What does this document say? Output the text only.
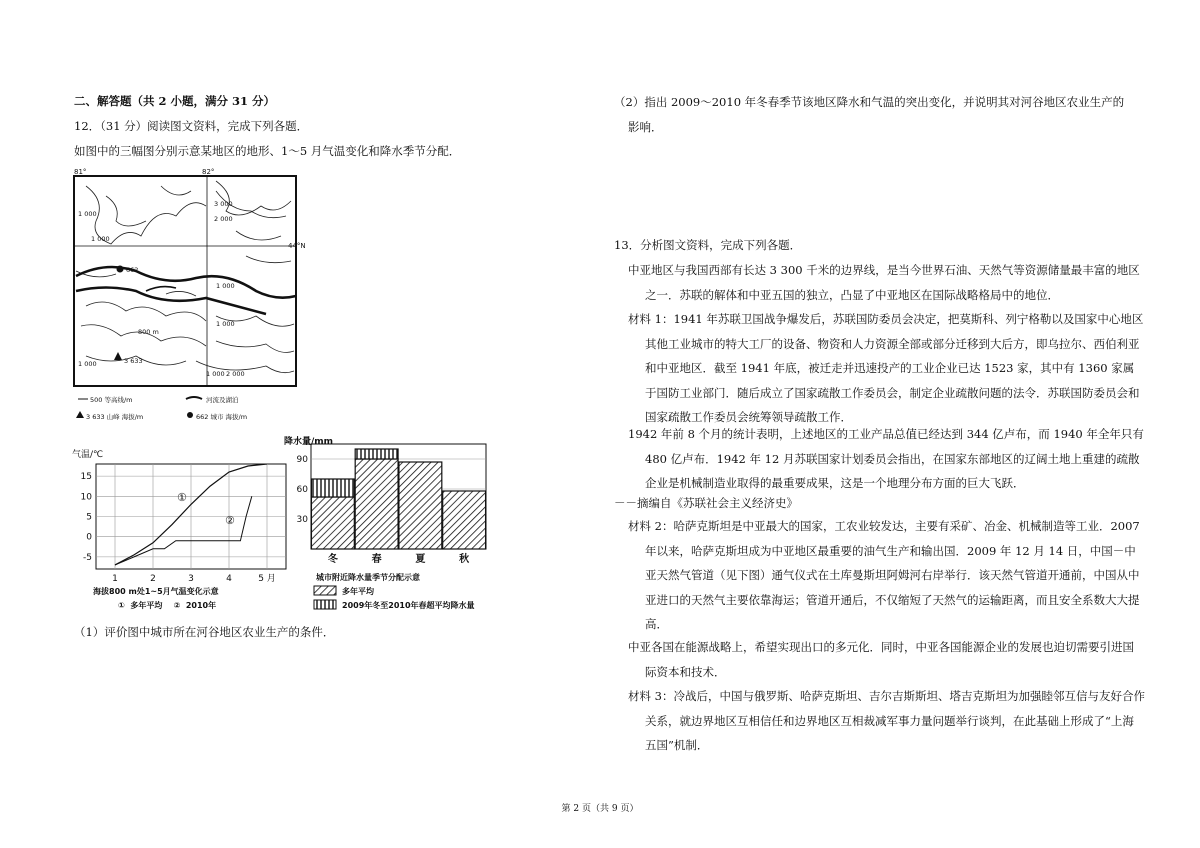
二、解答题（共 2 小题，满分 31 分）
12．（31 分）阅读图文资料，完成下列各题．
如图中的三幅图分别示意某地区的地形、1～5 月气温变化和降水季节分配．
81°	82°
44°N
1 000
1 000
1 000
1 000
1 000
1 000
3 000
2 000
2 000
800 m
662
3 633
500 等高线/m	河流及湖泊
3 633 山峰 海拔/m	662 城市 海拔/m
气温/℃
15
10
5
0
-5
1	2	3	4	5 月
①
②
海拔800 m处1~5月气温变化示意
①  多年平均    ②  2010年
降水量/mm
90
60
30
冬	春	夏	秋
城市附近降水量季节分配示意
多年平均
2009年冬至2010年春超平均降水量
（1）评价图中城市所在河谷地区农业生产的条件．
（2）指出 2009～2010 年冬春季节该地区降水和气温的突出变化，并说明其对河谷地区农业生产的
影响．
13．分析图文资料，完成下列各题．
中亚地区与我国西部有长达 3 300 千米的边界线，是当今世界石油、天然气等资源储量最丰富的地区之一．苏联的解体和中亚五国的独立，凸显了中亚地区在国际战略格局中的地位．
材料 1：1941 年苏联卫国战争爆发后，苏联国防委员会决定，把莫斯科、列宁格勒以及国家中心地区其他工业城市的特大工厂的设备、物资和人力资源全部或部分迁移到大后方，即乌拉尔、西伯利亚和中亚地区．截至 1941 年底，被迁走并迅速投产的工业企业已达 1523 家，其中有 1360 家属于国防工业部门．随后成立了国家疏散工作委员会，制定企业疏散问题的法令．苏联国防委员会和国家疏散工作委员会统筹领导疏散工作．
1942 年前 8 个月的统计表明，上述地区的工业产品总值已经达到 344 亿卢布，而 1940 年全年只有 480 亿卢布．1942 年 12 月苏联国家计划委员会指出，在国家东部地区的辽阔土地上重建的疏散企业是机械制造业取得的最重要成果，这是一个地理分布方面的巨大飞跃．
－－摘编自《苏联社会主义经济史》
材料 2：哈萨克斯坦是中亚最大的国家，工农业较发达，主要有采矿、冶金、机械制造等工业．2007 年以来，哈萨克斯坦成为中亚地区最重要的油气生产和输出国．2009 年 12 月 14 日，中国－中亚天然气管道（见下图）通气仪式在土库曼斯坦阿姆河右岸举行．该天然气管道开通前，中国从中亚进口的天然气主要依靠海运；管道开通后，不仅缩短了天然气的运输距离，而且安全系数大大提高．
中亚各国在能源战略上，希望实现出口的多元化．同时，中亚各国能源企业的发展也迫切需要引进国际资本和技术．
材料 3：冷战后，中国与俄罗斯、哈萨克斯坦、吉尔吉斯斯坦、塔吉克斯坦为加强睦邻互信与友好合作关系，就边界地区互相信任和边界地区互相裁减军事力量问题举行谈判，在此基础上形成了“上海五国”机制．
第 2 页（共 9 页）
